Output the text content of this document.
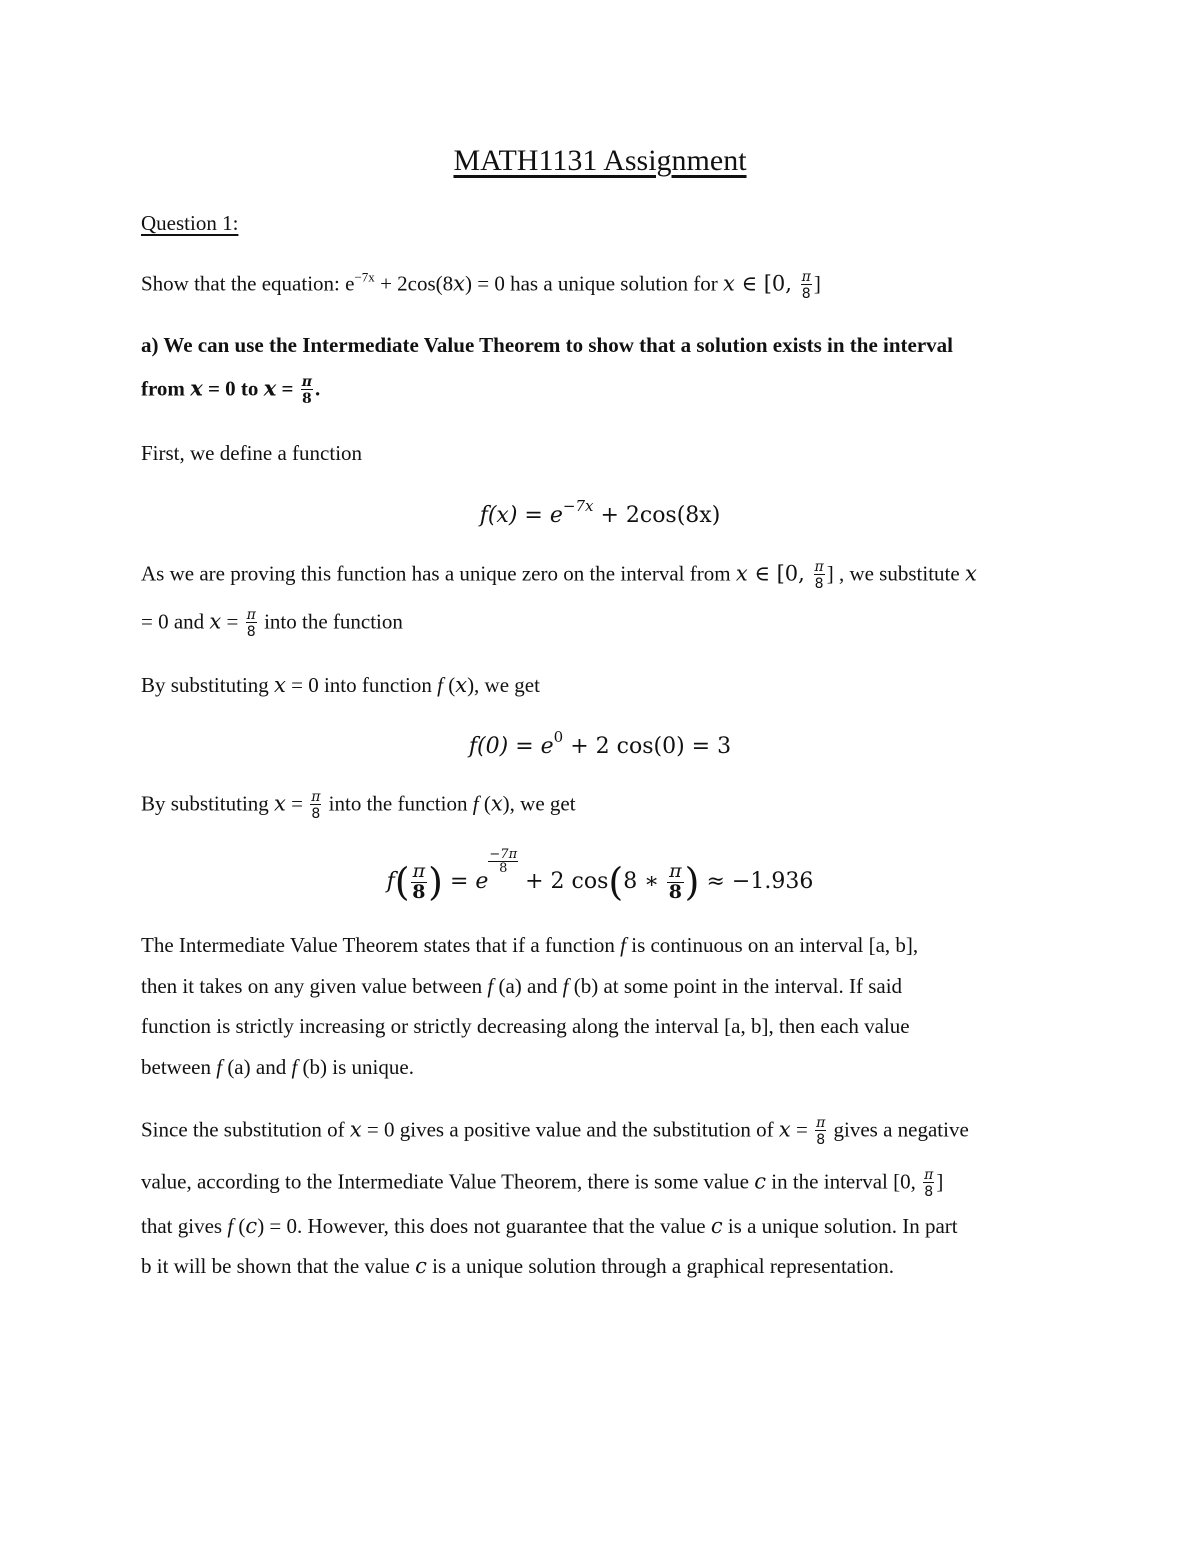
MATH1131 Assignment
Question 1:
Show that the equation: $e^{-7x} + 2\cos(8x) = 0$ has a unique solution for x ∈ [0, $\frac{\pi}{8}$ ]
a) We can use the Intermediate Value Theorem to show that a solution exists in the interval
from x = 0 to $x = \frac{\pi}{8}$ .
First, we define a function
$f(x) = e^{-7x} + 2\cos(8x)$
As we are proving this function has a unique zero on the interval from x ∈ [0, $\frac{\pi}{8}$ ] , we substitute x
= 0 and $x = \frac{\pi}{8}$ into the function
By substituting x = 0 into function f (x), we get
$f(0) = e^0 + 2$ cos(0) = 3
By substituting $x = \frac{\pi}{8}$ into the function f (x), we get
$f( \frac{\pi}{8}$ ) = e
$\frac{-7\pi}{8}$
+ 2 cos(8 ∗ $\frac{\pi}{8}$ ) ≈ −1.936
The Intermediate Value Theorem states that if a function f is continuous on an interval [a, b],
then it takes on any given value between f (a) and f (b) at some point in the interval. If said
function is strictly increasing or strictly decreasing along the interval [a, b], then each value
between f (a) and f (b) is unique.
Since the substitution of x = 0 gives a positive value and the substitution of $x = \frac{\pi}{8}$ gives a negative
value, according to the Intermediate Value Theorem, there is some value c in the interval [0, $\frac{\pi}{8}$ ]
that gives f (c) = 0. However, this does not guarantee that the value c is a unique solution. In part
b it will be shown that the value c is a unique solution through a graphical representation.
